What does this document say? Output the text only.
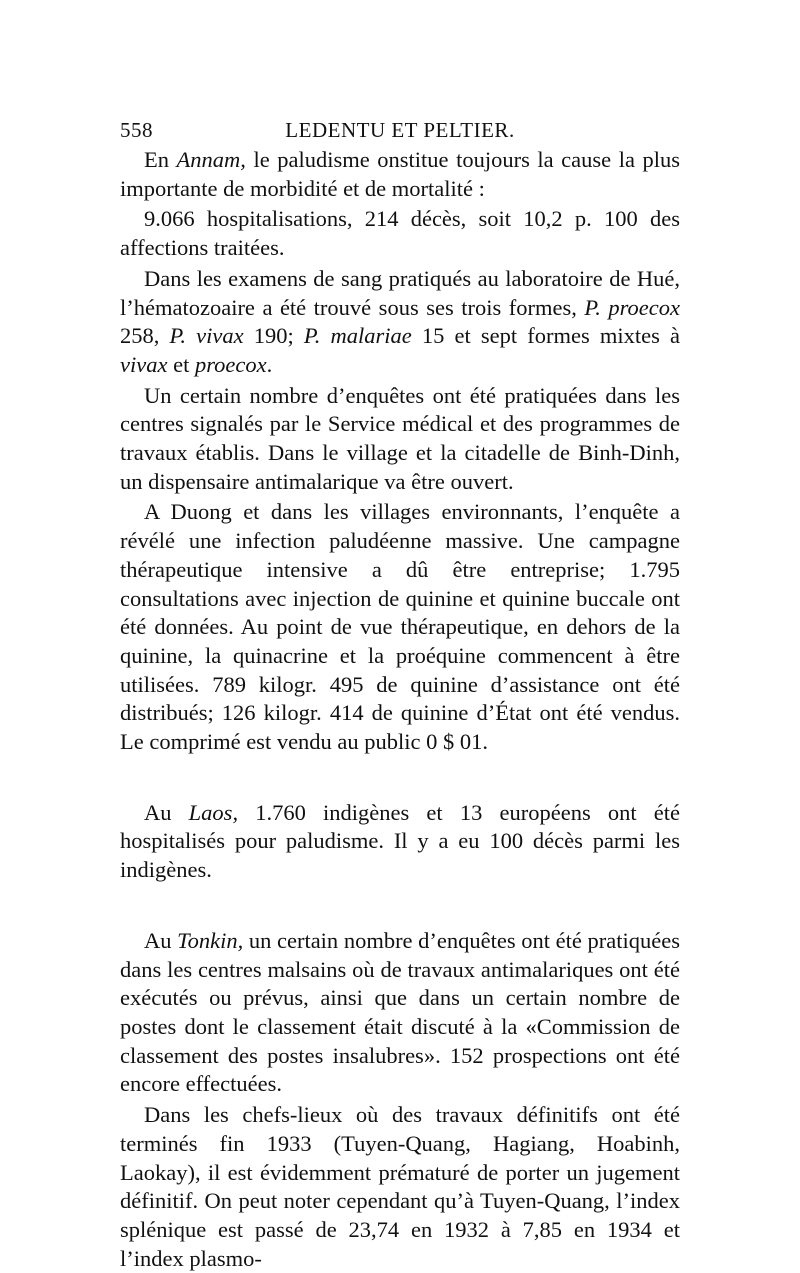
558	LEDENTU ET PELTIER.

En Annam, le paludisme onstitue toujours la cause la plus importante de morbidité et de mortalité :

9.066 hospitalisations, 214 décès, soit 10,2 p. 100 des affections traitées.

Dans les examens de sang pratiqués au laboratoire de Hué, l’hématozoaire a été trouvé sous ses trois formes, P. proecox 258, P. vivax 190; P. malariae 15 et sept formes mixtes à vivax et proecox.

Un certain nombre d’enquêtes ont été pratiquées dans les centres signalés par le Service médical et des programmes de travaux établis. Dans le village et la citadelle de Binh-Dinh, un dispensaire antimalarique va être ouvert.

A Duong et dans les villages environnants, l’enquête a révélé une infection paludéenne massive. Une campagne thérapeutique intensive a dû être entreprise; 1.795 consultations avec injection de quinine et quinine buccale ont été données. Au point de vue thérapeutique, en dehors de la quinine, la quinacrine et la proéquine commencent à être utilisées. 789 kilogr. 495 de quinine d’assistance ont été distribués; 126 kilogr. 414 de quinine d’État ont été vendus. Le comprimé est vendu au public 0 $ 01.

Au Laos, 1.760 indigènes et 13 européens ont été hospitalisés pour paludisme. Il y a eu 100 décès parmi les indigènes.

Au Tonkin, un certain nombre d’enquêtes ont été pratiquées dans les centres malsains où de travaux antimalariques ont été exécutés ou prévus, ainsi que dans un certain nombre de postes dont le classement était discuté à la «Commission de classement des postes insalubres». 152 prospections ont été encore effectuées.

Dans les chefs-lieux où des travaux définitifs ont été terminés fin 1933 (Tuyen-Quang, Hagiang, Hoabinh, Laokay), il est évidemment prématuré de porter un jugement définitif. On peut noter cependant qu’à Tuyen-Quang, l’index splénique est passé de 23,74 en 1932 à 7,85 en 1934 et l’index plasmo-
